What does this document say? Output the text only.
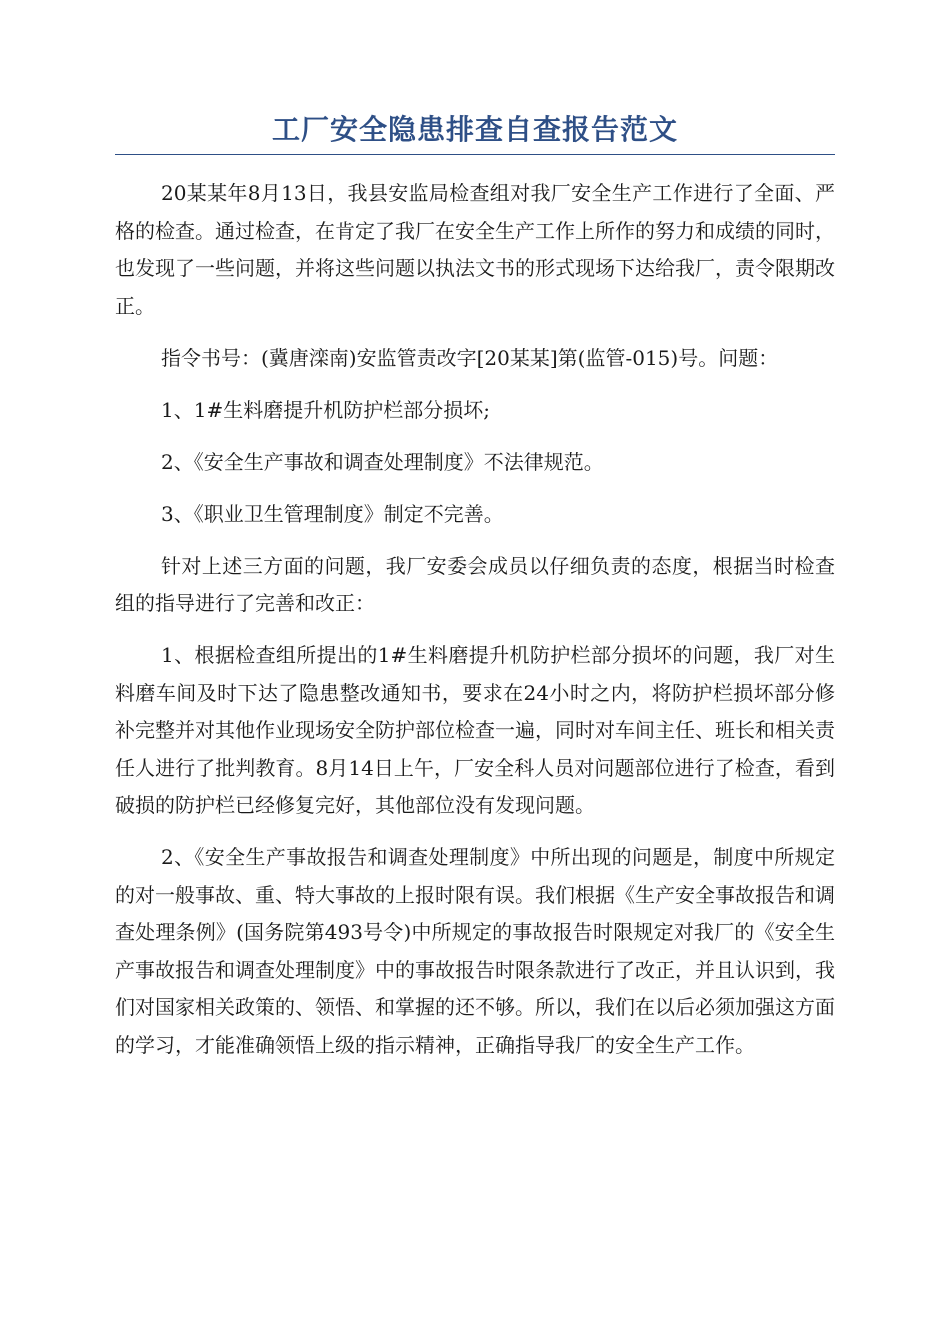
工厂安全隐患排查自查报告范文

20某某年8月13日，我县安监局检查组对我厂安全生产工作进行了全面、严格的检查。通过检查，在肯定了我厂在安全生产工作上所作的努力和成绩的同时，也发现了一些问题，并将这些问题以执法文书的形式现场下达给我厂，责令限期改正。

指令书号：(冀唐滦南)安监管责改字[20某某]第(监管-015)号。问题：

1、1#生料磨提升机防护栏部分损坏;

2、《安全生产事故和调查处理制度》不法律规范。

3、《职业卫生管理制度》制定不完善。

针对上述三方面的问题，我厂安委会成员以仔细负责的态度，根据当时检查组的指导进行了完善和改正：

1、根据检查组所提出的1#生料磨提升机防护栏部分损坏的问题，我厂对生料磨车间及时下达了隐患整改通知书，要求在24小时之内，将防护栏损坏部分修补完整并对其他作业现场安全防护部位检查一遍，同时对车间主任、班长和相关责任人进行了批判教育。8月14日上午，厂安全科人员对问题部位进行了检查，看到破损的防护栏已经修复完好，其他部位没有发现问题。

2、《安全生产事故报告和调查处理制度》中所出现的问题是，制度中所规定的对一般事故、重、特大事故的上报时限有误。我们根据《生产安全事故报告和调查处理条例》(国务院第493号令)中所规定的事故报告时限规定对我厂的《安全生产事故报告和调查处理制度》中的事故报告时限条款进行了改正，并且认识到，我们对国家相关政策的、领悟、和掌握的还不够。所以，我们在以后必须加强这方面的学习，才能准确领悟上级的指示精神，正确指导我厂的安全生产工作。
